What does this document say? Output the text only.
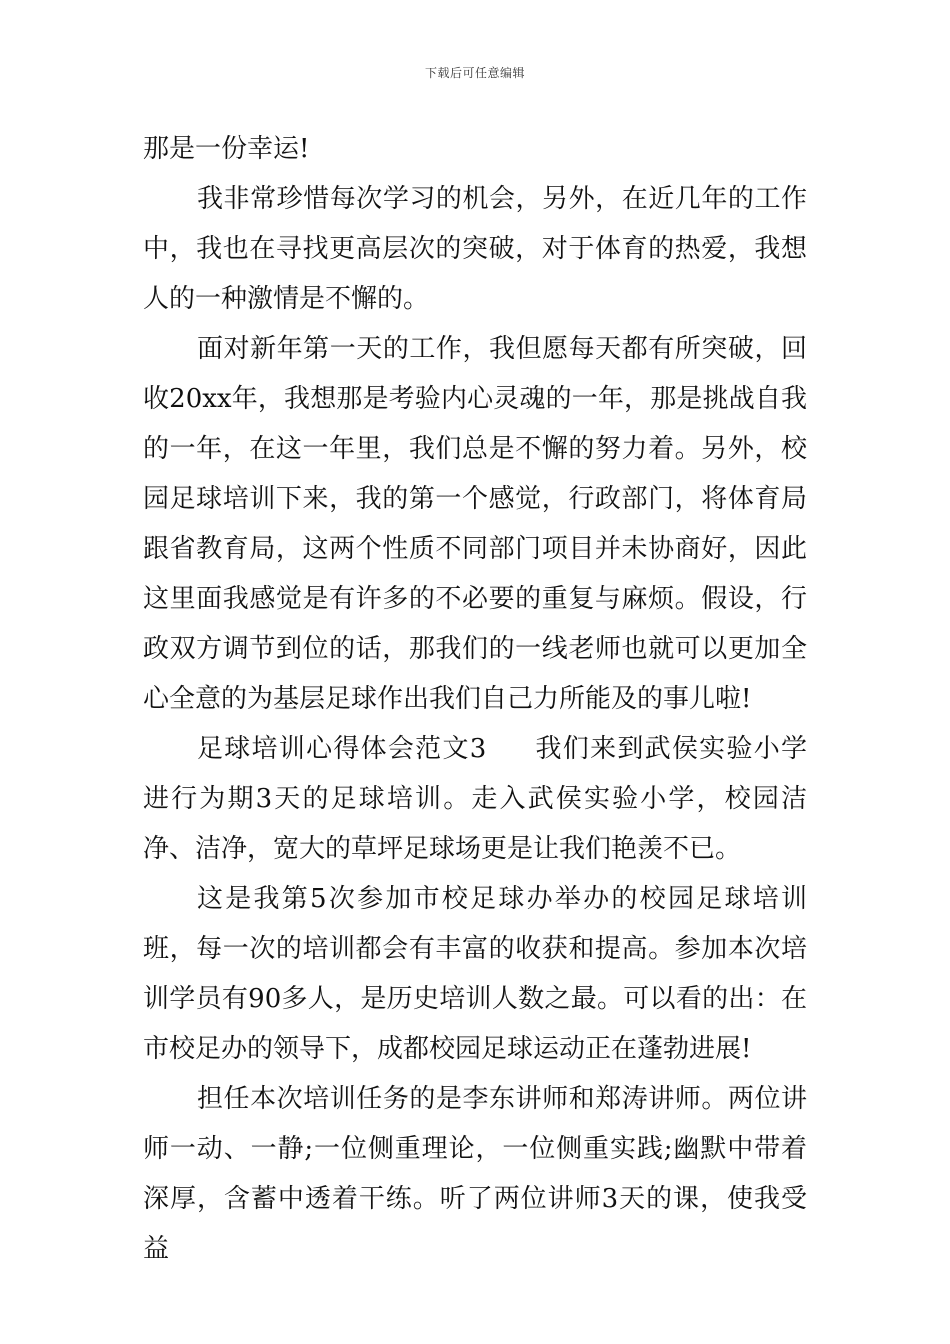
下载后可任意编辑

那是一份幸运!

我非常珍惜每次学习的机会，另外，在近几年的工作中，我也在寻找更高层次的突破，对于体育的热爱，我想人的一种激情是不懈的。

面对新年第一天的工作，我但愿每天都有所突破，回收20xx年，我想那是考验内心灵魂的一年，那是挑战自我的一年，在这一年里，我们总是不懈的努力着。另外，校园足球培训下来，我的第一个感觉，行政部门，将体育局跟省教育局，这两个性质不同部门项目并未协商好，因此这里面我感觉是有许多的不必要的重复与麻烦。假设，行政双方调节到位的话，那我们的一线老师也就可以更加全心全意的为基层足球作出我们自己力所能及的事儿啦!

足球培训心得体会范文3 我们来到武侯实验小学进行为期3天的足球培训。走入武侯实验小学，校园洁净、洁净，宽大的草坪足球场更是让我们艳羡不已。

这是我第5次参加市校足球办举办的校园足球培训班，每一次的培训都会有丰富的收获和提高。参加本次培训学员有90多人，是历史培训人数之最。可以看的出：在市校足办的领导下，成都校园足球运动正在蓬勃进展!

担任本次培训任务的是李东讲师和郑涛讲师。两位讲师一动、一静;一位侧重理论，一位侧重实践;幽默中带着深厚，含蓄中透着干练。听了两位讲师3天的课，使我受益
